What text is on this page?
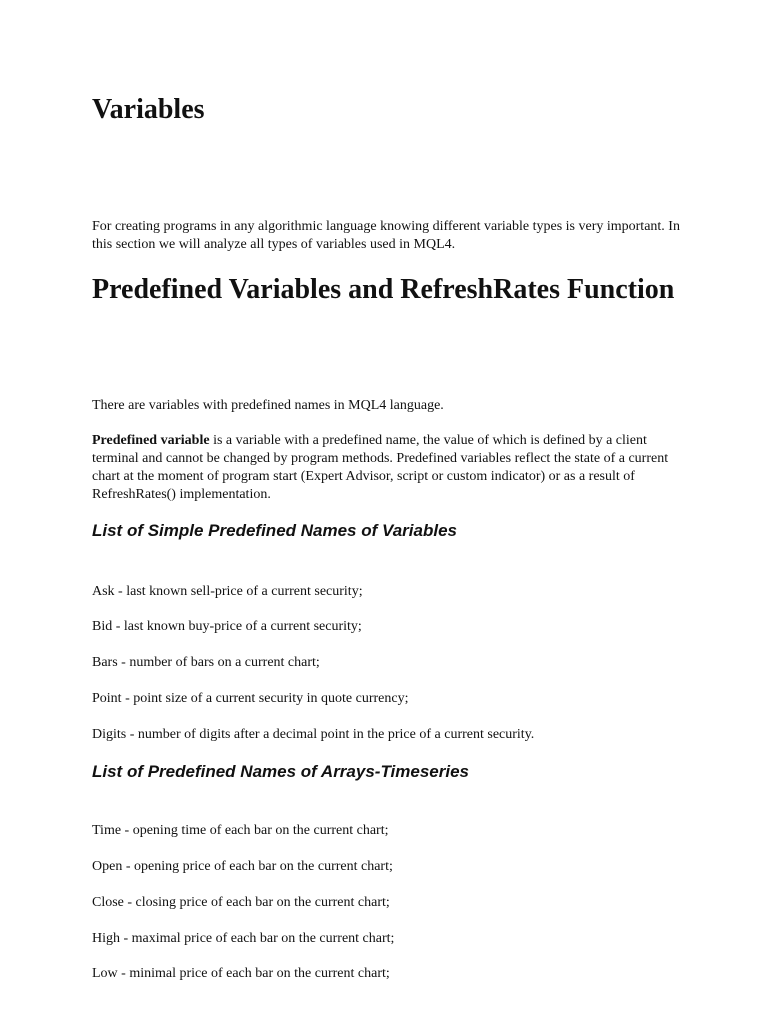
Variables

For creating programs in any algorithmic language knowing different variable types is very important. In this section we will analyze all types of variables used in MQL4.

Predefined Variables and RefreshRates Function

There are variables with predefined names in MQL4 language.

Predefined variable is a variable with a predefined name, the value of which is defined by a client terminal and cannot be changed by program methods. Predefined variables reflect the state of a current chart at the moment of program start (Expert Advisor, script or custom indicator) or as a result of RefreshRates() implementation.

List of Simple Predefined Names of Variables

Ask - last known sell-price of a current security;

Bid - last known buy-price of a current security;

Bars - number of bars on a current chart;

Point - point size of a current security in quote currency;

Digits - number of digits after a decimal point in the price of a current security.

List of Predefined Names of Arrays-Timeseries

Time - opening time of each bar on the current chart;

Open - opening price of each bar on the current chart;

Close - closing price of each bar on the current chart;

High - maximal price of each bar on the current chart;

Low - minimal price of each bar on the current chart;
